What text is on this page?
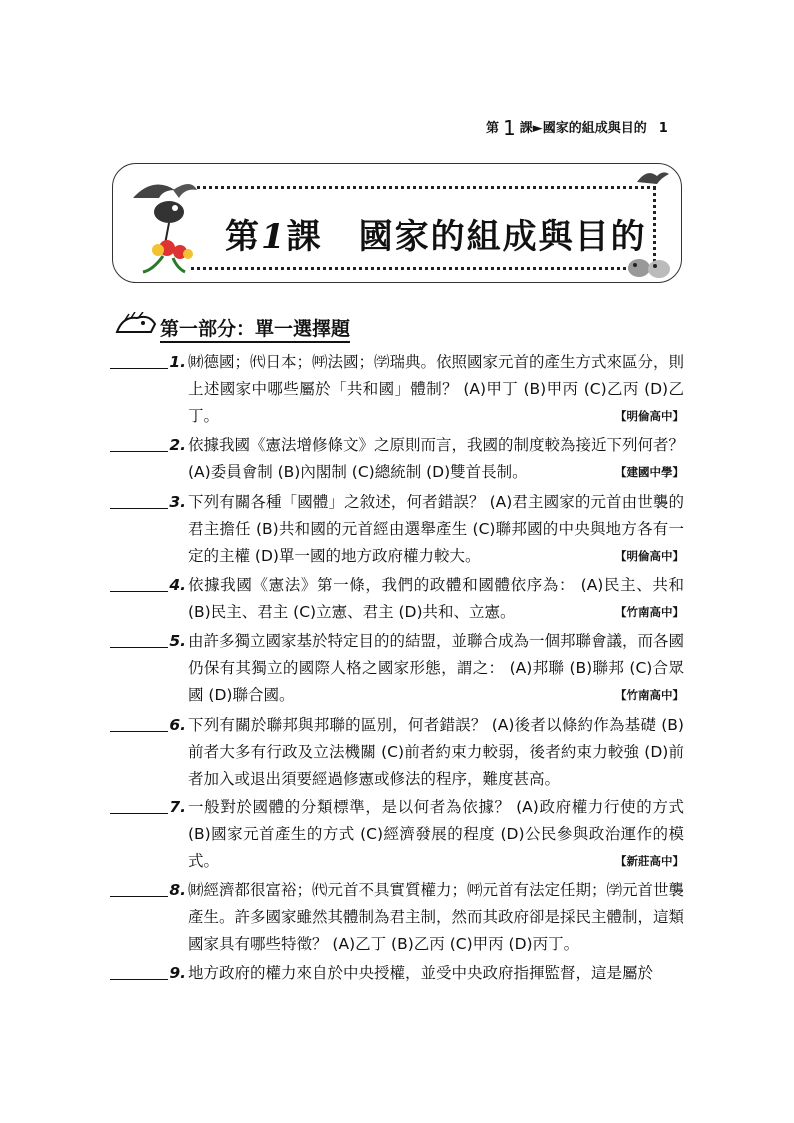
第 1 課►國家的組成與目的 1
第1課　國家的組成與目的
第一部分：單一選擇題
1. ㈶德國；㈹日本；㈺法國；㈻瑞典。依照國家元首的產生方式來區分，則上述國家中哪些屬於「共和國」體制？ (A)甲丁 (B)甲丙 (C)乙丙 (D)乙丁。	【明倫高中】
2. 依據我國《憲法增修條文》之原則而言，我國的制度較為接近下列何者？ (A)委員會制 (B)內閣制 (C)總統制 (D)雙首長制。	【建國中學】
3. 下列有關各種「國體」之敘述，何者錯誤？ (A)君主國家的元首由世襲的君主擔任 (B)共和國的元首經由選舉產生 (C)聯邦國的中央與地方各有一定的主權 (D)單一國的地方政府權力較大。	【明倫高中】
4. 依據我國《憲法》第一條，我們的政體和國體依序為： (A)民主、共和 (B)民主、君主 (C)立憲、君主 (D)共和、立憲。	【竹南高中】
5. 由許多獨立國家基於特定目的的結盟，並聯合成為一個邦聯會議，而各國仍保有其獨立的國際人格之國家形態，謂之： (A)邦聯 (B)聯邦 (C)合眾國 (D)聯合國。	【竹南高中】
6. 下列有關於聯邦與邦聯的區別，何者錯誤？ (A)後者以條約作為基礎 (B)前者大多有行政及立法機關 (C)前者約束力較弱，後者約束力較強 (D)前者加入或退出須要經過修憲或修法的程序，難度甚高。
7. 一般對於國體的分類標準，是以何者為依據？ (A)政府權力行使的方式 (B)國家元首產生的方式 (C)經濟發展的程度 (D)公民參與政治運作的模式。	【新莊高中】
8. ㈶經濟都很富裕；㈹元首不具實質權力；㈺元首有法定任期；㈻元首世襲產生。許多國家雖然其體制為君主制，然而其政府卻是採民主體制，這類國家具有哪些特徵？ (A)乙丁 (B)乙丙 (C)甲丙 (D)丙丁。
9. 地方政府的權力來自於中央授權，並受中央政府指揮監督，這是屬於
